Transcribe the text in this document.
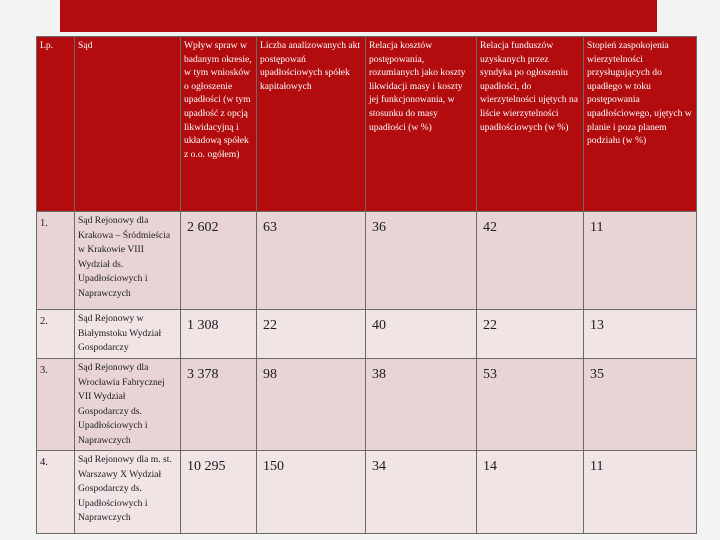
Lp.	Sąd	Wpływ spraw w badanym okresie, w tym wniosków o ogłoszenie upadłości (w tym upadłość z opcją likwidacyjną i układową spółek z o.o. ogółem)	Liczba analizowanych akt postępowań upadłościowych spółek kapitałowych	Relacja kosztów postępowania, rozumianych jako koszty likwidacji masy i koszty jej funkcjonowania, w stosunku do masy upadłości (w %)	Relacja funduszów uzyskanych przez syndyka po ogłoszeniu upadłości, do wierzytelności ujętych na liście wierzytelności upadłościowych (w %)	Stopień zaspokojenia wierzytelności przysługujących do upadłego w toku postępowania upadłościowego, ujętych w planie i poza planem podziału (w %)
1.	Sąd Rejonowy dla Krakowa – Śródmieścia w Krakowie VIII Wydział ds. Upadłościowych i Naprawczych	2 602	63	36	42	11
2.	Sąd Rejonowy w Białymstoku Wydział Gospodarczy	1 308	22	40	22	13
3.	Sąd Rejonowy dla Wrocławia Fabrycznej VII Wydział Gospodarczy ds. Upadłościowych i Naprawczych	3 378	98	38	53	35
4.	Sąd Rejonowy dla m. st. Warszawy X Wydział Gospodarczy ds. Upadłościowych i Naprawczych	10 295	150	34	14	11
